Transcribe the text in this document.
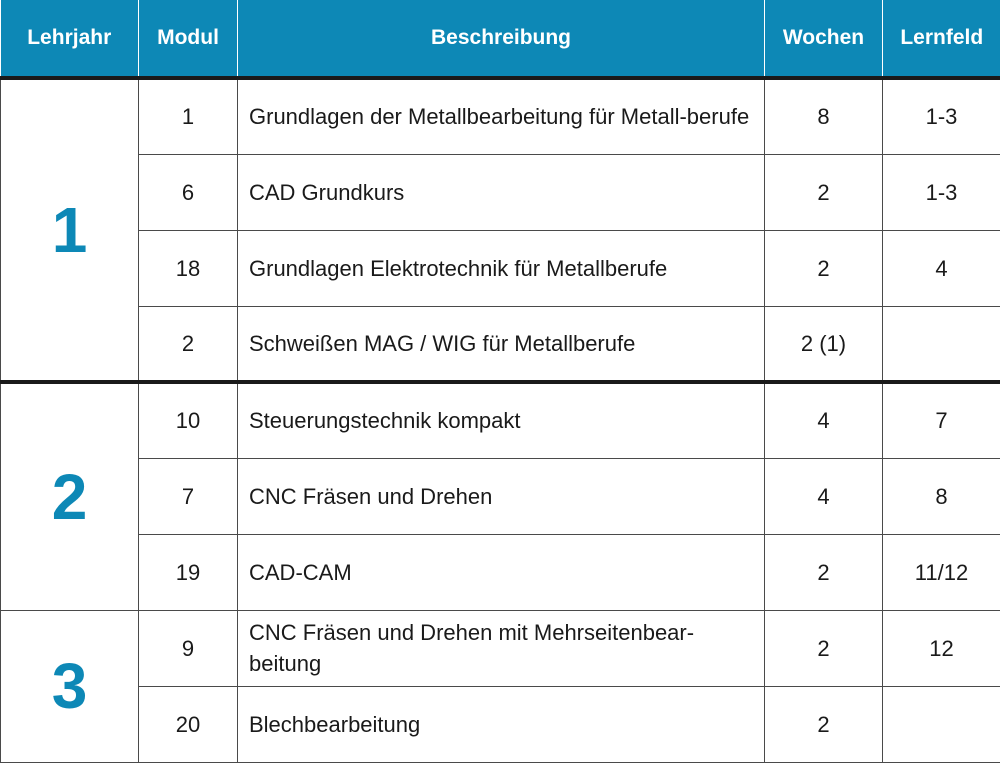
Lehrjahr	Modul	Beschreibung	Wochen	Lernfeld
1	1	Grundlagen der Metallbearbeitung für Metall-berufe	8	1-3
	6	CAD Grundkurs	2	1-3
	18	Grundlagen Elektrotechnik für Metallberufe	2	4
	2	Schweißen MAG / WIG für Metallberufe	2 (1)	
2	10	Steuerungstechnik kompakt	4	7
	7	CNC Fräsen und Drehen	4	8
	19	CAD-CAM	2	11/12
3	9	CNC Fräsen und Drehen mit Mehrseitenbear-beitung	2	12
	20	Blechbearbeitung	2	
